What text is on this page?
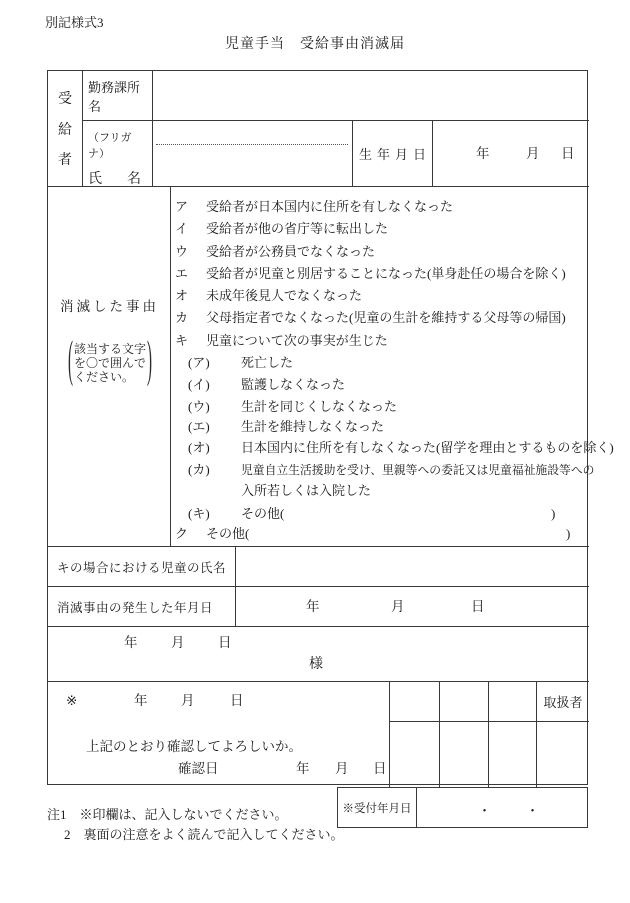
別記様式3
児童手当　受給事由消滅届
受
給
者
勤務課所名
（フリガナ）
氏 名
生年月日	年	月 日
消滅した事由
( 該当する文字
を〇で囲んで
ください。 )
ア 受給者が日本国内に住所を有しなくなった
イ 受給者が他の省庁等に転出した
ウ 受給者が公務員でなくなった
エ 受給者が児童と別居することになった(単身赴任の場合を除く)
オ 未成年後見人でなくなった
カ 父母指定者でなくなった(児童の生計を維持する父母等の帰国)
キ 児童について次の事実が生じた
(ア) 死亡した
(イ) 監護しなくなった
(ウ) 生計を同じくしなくなった
(エ) 生計を維持しなくなった
(オ) 日本国内に住所を有しなくなった(留学を理由とするものを除く)
(カ)	児童自立生活援助を受け、里親等への委託又は児童福祉施設等への
入所若しくは入院した
(キ) その他(	)
ク その他(	)
キの場合における児童の氏名
消滅事由の発生した年月日	年	月	日
年 月 日
様
※	年 月	日
上記のとおり確認してよろしいか。
確認日	年 月 日
取扱者
※受付年月日	・	・
注1　※印欄は、記入しないでください。
2　裏面の注意をよく読んで記入してください。
